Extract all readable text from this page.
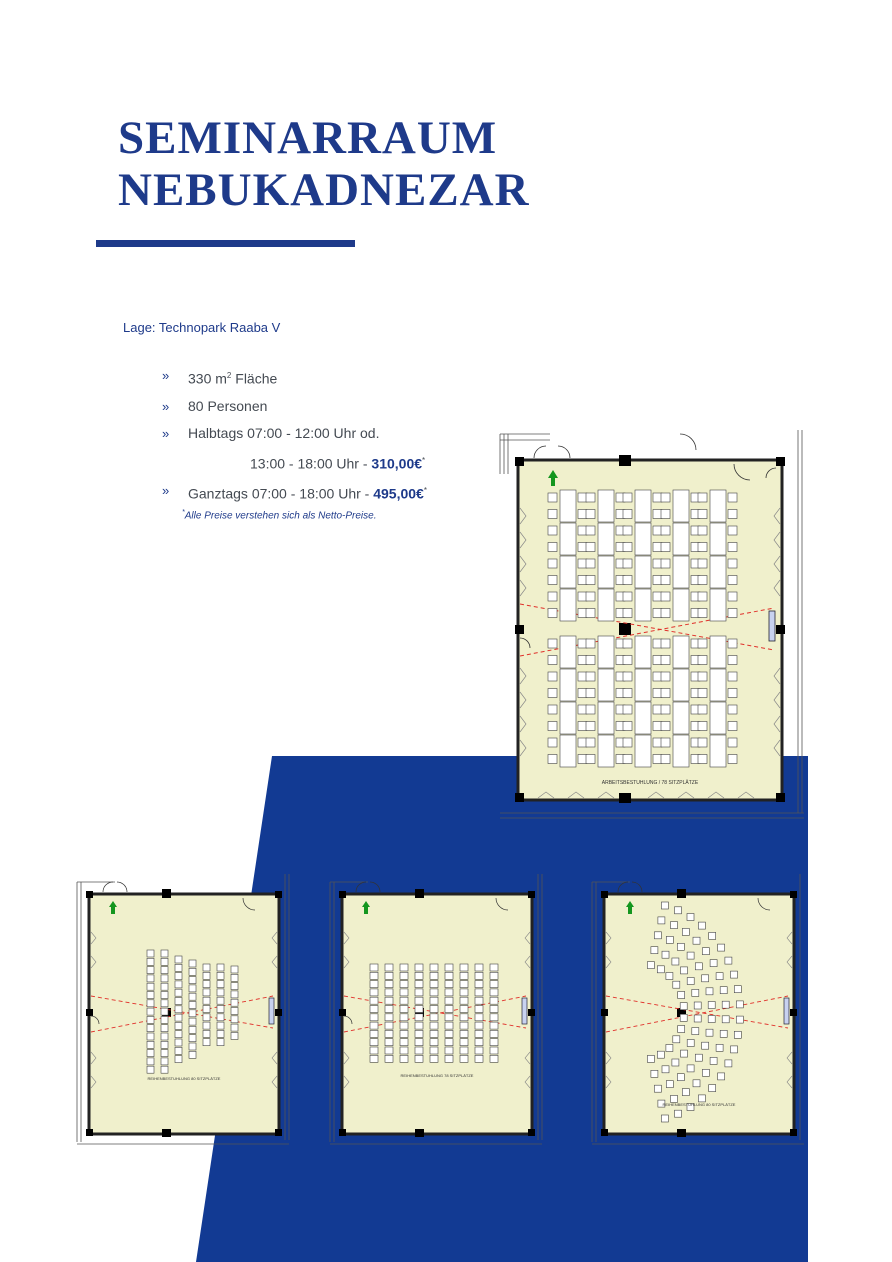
SEMINARRAUM
NEBUKADNEZAR
Lage: Technopark Raaba V
» 330 $m^2$ Fläche
» 80 Personen
» Halbtags 07:00 - 12:00 Uhr od.
13:00 - 18:00 Uhr - 310,00€*
» Ganztags 07:00 - 18:00 Uhr - 495,00€*
*Alle Preise verstehen sich als Netto-Preise.
ARBEITSBESTUHLUNG / 78 SITZPLÄTZE
REIHENBESTUHLUNG 80 SITZPLÄTZE
REIHENBESTUHLUNG 78 SITZPLÄTZE
REIHENBESTUHLUNG 80 SITZPLÄTZE
